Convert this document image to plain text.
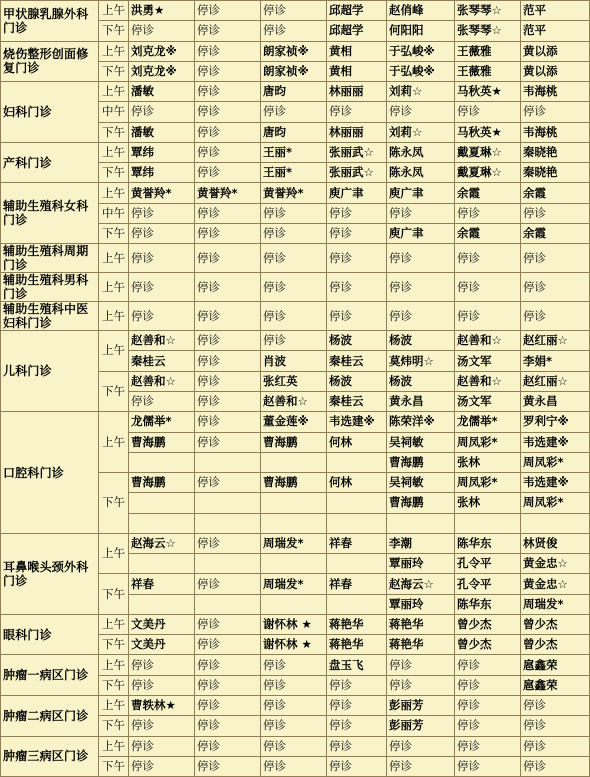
甲状腺乳腺外科门诊	上午	洪勇★	停诊	停诊	邱超学	赵俏峰	张琴琴☆	范平
	下午	停诊	停诊	停诊	邱超学	何阳阳	张琴琴☆	范平
烧伤整形创面修复门诊	上午	刘克龙※	停诊	朗家祯※	黄相	于弘峻※	王薇雅	黄以添
	下午	刘克龙※	停诊	朗家祯※	黄相	于弘峻※	王薇雅	黄以添
妇科门诊	上午	潘敏	停诊	唐昀	林丽丽	刘莉☆	马秋英★	韦海桃
	中午	停诊	停诊	停诊	停诊	停诊	停诊	停诊
	下午	潘敏	停诊	唐昀	林丽丽	刘莉☆	马秋英★	韦海桃
产科门诊	上午	覃纬	停诊	王丽*	张丽武☆	陈永凤	戴夏琳☆	秦晓艳
	下午	覃纬	停诊	王丽*	张丽武☆	陈永凤	戴夏琳☆	秦晓艳
辅助生殖科女科门诊	上午	黄誉羚*	黄誉羚*	黄誉羚*	庾广聿	庾广聿	余霞	余霞
	中午	停诊	停诊	停诊	停诊	停诊	停诊	停诊
	下午	停诊	停诊	停诊	停诊	庾广聿	余霞	余霞
辅助生殖科周期门诊	上午	停诊	停诊	停诊	停诊	停诊	停诊	停诊
辅助生殖科男科门诊	上午	停诊	停诊	停诊	停诊	停诊	停诊	停诊
辅助生殖科中医妇科门诊	上午	停诊	停诊	停诊	停诊	停诊	停诊	停诊
儿科门诊	上午	赵善和☆	停诊	停诊	杨波	杨波	赵善和☆	赵红丽☆
		秦桂云	停诊	肖波	秦桂云	莫炜明☆	汤文军	李娟*
	下午	赵善和☆	停诊	张红英	杨波	杨波	赵善和☆	赵红丽☆
		停诊	停诊	赵善和☆	秦桂云	黄永昌	汤文军	黄永昌
口腔科门诊	上午	龙儒举*	停诊	董金莲※	韦选建※	陈荣洋※	龙儒举*	罗利宁※
		曹海鹏	停诊	曹海鹏	何林	吴祠敏	周凤彩*	韦选建※
						曹海鹏	张林	周凤彩*
	下午	曹海鹏	停诊	曹海鹏	何林	吴祠敏	周凤彩*	韦选建※
						曹海鹏	张林	周凤彩*

耳鼻喉头颈外科门诊	上午	赵海云☆	停诊	周瑞发*	祥春	李潮	陈华东	林贤俊
						覃丽玲	孔令平	黄金忠☆
	下午	祥春	停诊	周瑞发*	祥春	赵海云☆	孔令平	黄金忠☆
						覃丽玲	陈华东	周瑞发*
眼科门诊	上午	文美丹	停诊	谢怀林 ★	蒋艳华	蒋艳华	曾少杰	曾少杰
	下午	文美丹	停诊	谢怀林 ★	蒋艳华	蒋艳华	曾少杰	曾少杰
肿瘤一病区门诊	上午	停诊	停诊	停诊	盘玉飞	停诊	停诊	扈鑫荣
	下午	停诊	停诊	停诊	停诊	停诊	停诊	扈鑫荣
肿瘤二病区门诊	上午	曹轶林★	停诊	停诊	停诊	彭丽芳	停诊	停诊
	下午	停诊	停诊	停诊	停诊	彭丽芳	停诊	停诊
肿瘤三病区门诊	上午	停诊	停诊	停诊	停诊	停诊	停诊	停诊
	下午	停诊	停诊	停诊	停诊	停诊	停诊	停诊
